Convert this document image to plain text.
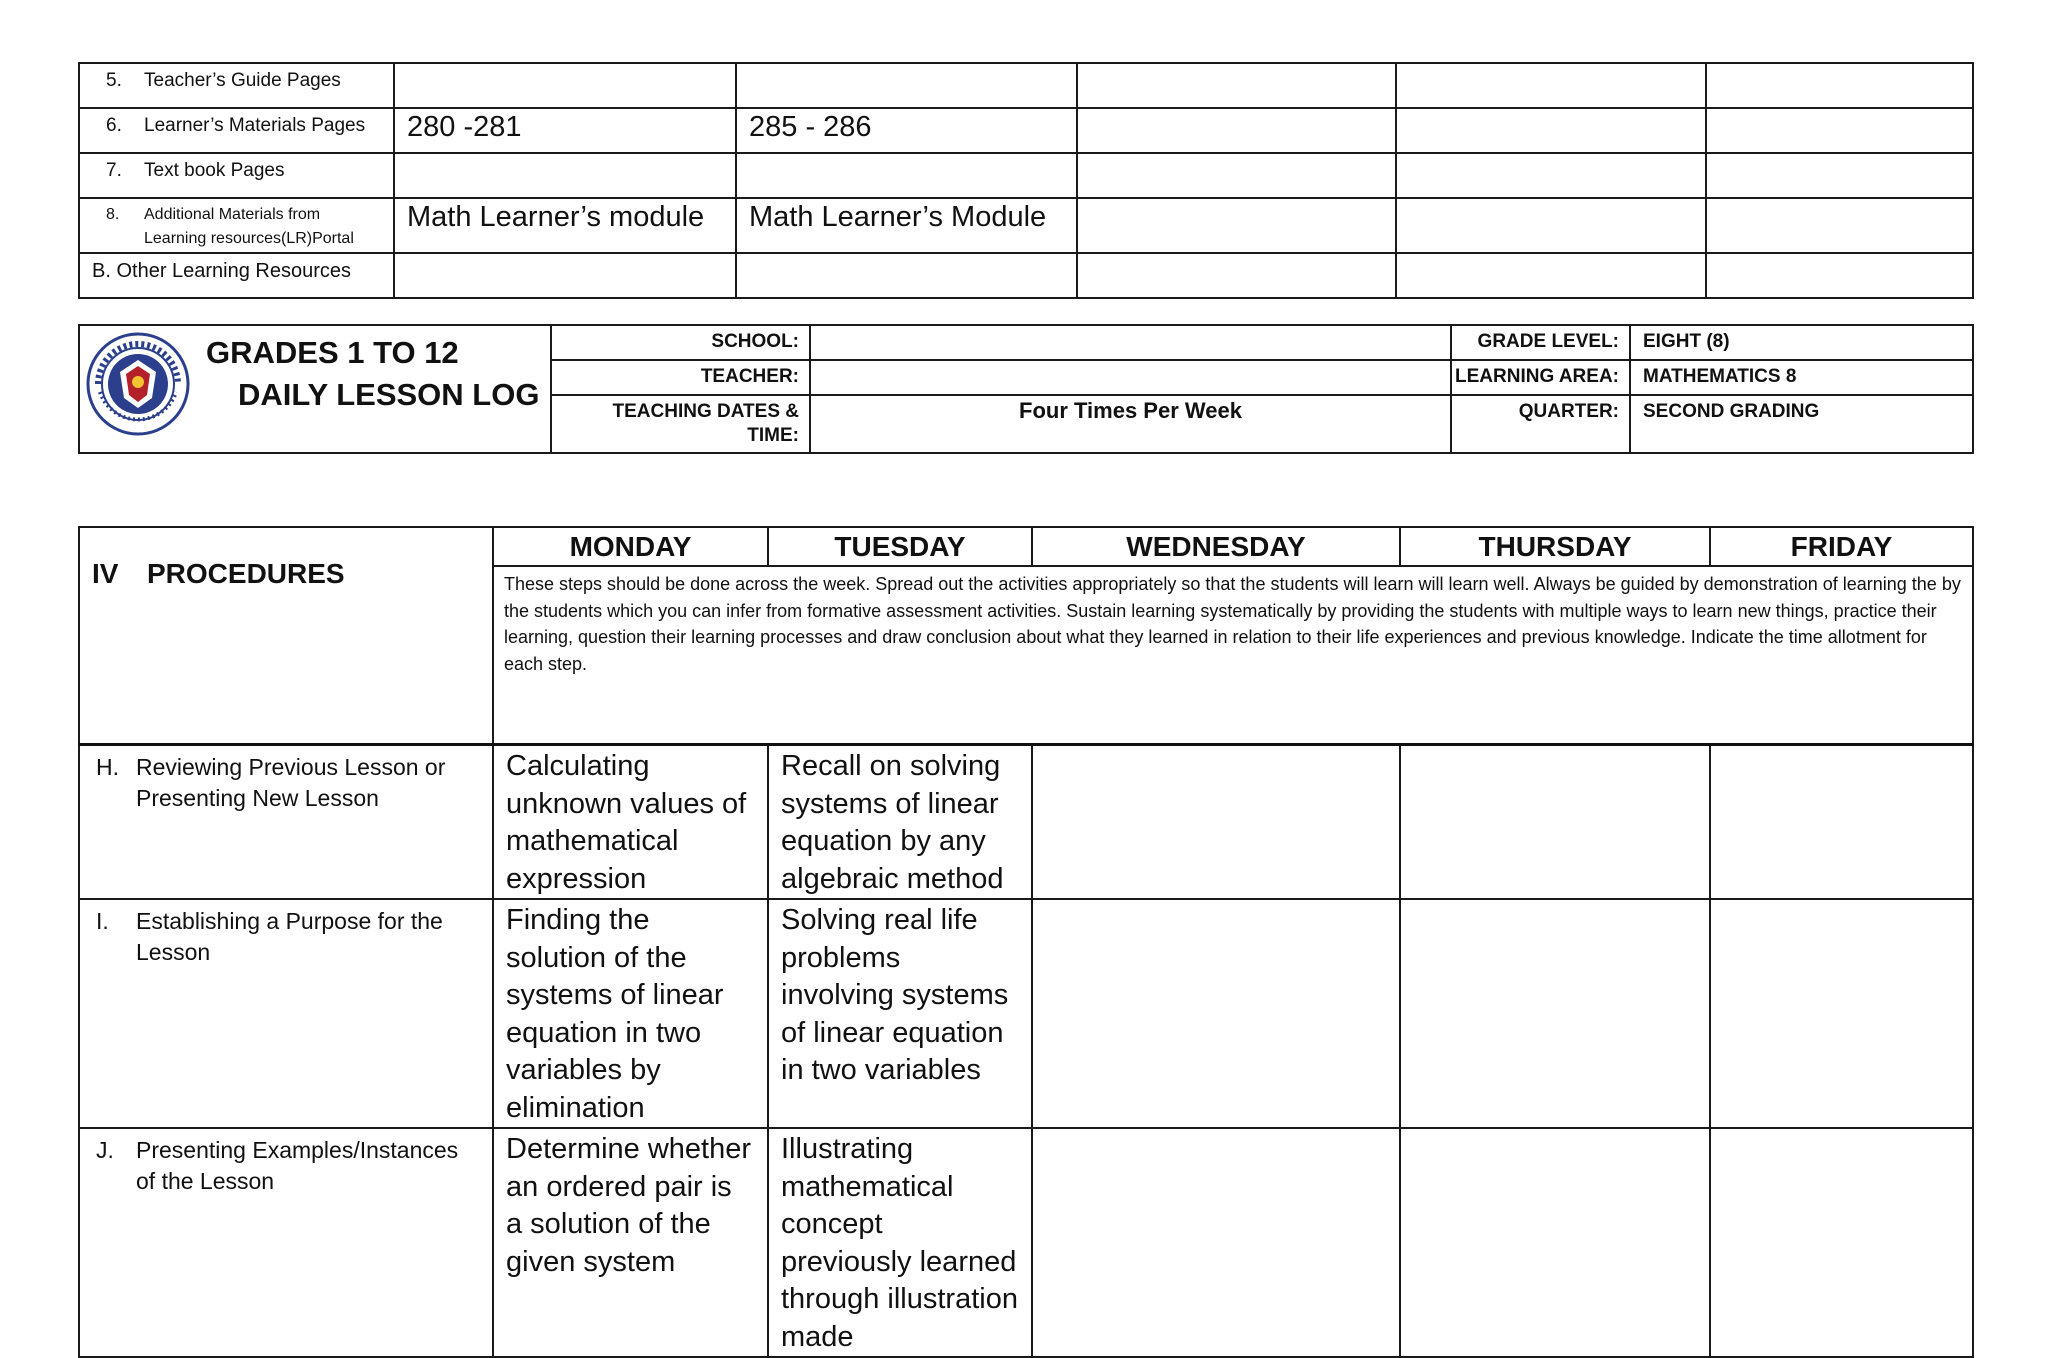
5. Teacher’s Guide Pages					
6. Learner’s Materials Pages	280 -281	285 - 286			
7. Text book Pages					
8. Additional Materials from
Learning resources(LR)Portal	Math Learner’s module	Math Learner’s Module			
B. Other Learning Resources					
GRADES 1 TO 12
DAILY LESSON LOG	SCHOOL:		GRADE LEVEL:	EIGHT (8)
	TEACHER:		LEARNING AREA:	MATHEMATICS 8
	TEACHING DATES &
TIME:	Four Times Per Week	QUARTER:	SECOND GRADING
IV PROCEDURES	MONDAY	TUESDAY	WEDNESDAY	THURSDAY	FRIDAY
	These steps should be done across the week. Spread out the activities appropriately so that the students will learn will learn well. Always be guided by demonstration of learning the by the students which you can infer from formative assessment activities. Sustain learning systematically by providing the students with multiple ways to learn new things, practice their learning, question their learning processes and draw conclusion about what they learned in relation to their life experiences and previous knowledge. Indicate the time allotment for each step.				
H. Reviewing Previous Lesson or
Presenting New Lesson	Calculating unknown values of mathematical expression	Recall on solving systems of linear equation by any algebraic method			
I. Establishing a Purpose for the
Lesson	Finding the solution of the systems of linear equation in two variables by elimination	Solving real life problems involving systems of linear equation in two variables			
J. Presenting Examples/Instances
of the Lesson	Determine whether an ordered pair is a solution of the given system	Illustrating mathematical concept previously learned through illustration made			
